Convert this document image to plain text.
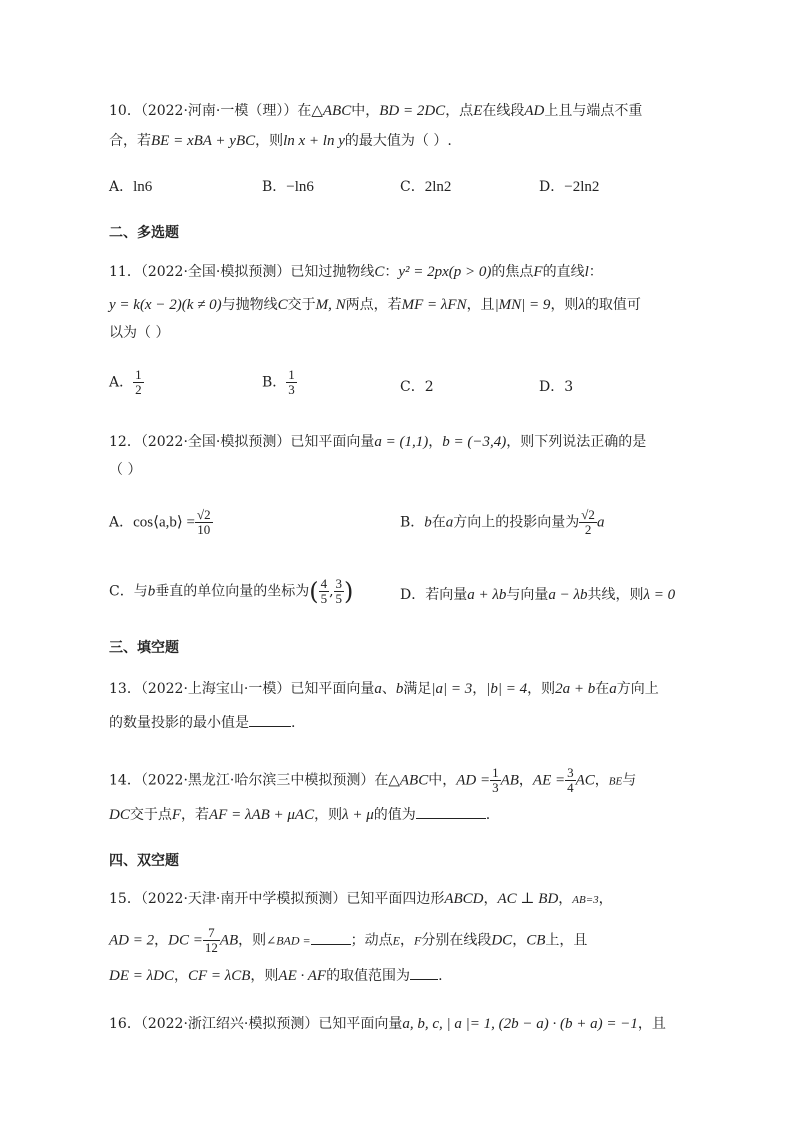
10．（2022·河南·一模（理））在△ABC中，BD = 2DC，点E在线段AD上且与端点不重
合，若BE = xBA + yBC，则ln x + ln y的最大值为（ ）.
A．ln6	B．−ln6	C．2ln2	D．−2ln2
二、多选题
11．（2022·全国·模拟预测）已知过抛物线C：y² = 2px(p > 0)的焦点F的直线l：
y = k(x − 2)(k ≠ 0)与抛物线C交于M, N两点，若MF = λFN，且|MN| = 9，则λ的取值可
以为（ ）
A． $\frac{1}{2}$	B． $\frac{1}{3}$	C．2	D．3
12．（2022·全国·模拟预测）已知平面向量a = (1,1)，b = (−3,4)，则下列说法正确的是
（ ）
A．cos⟨a,b⟩ = $\frac{√2}{10}$	B．b在a方向上的投影向量为 $\frac{√2}{2}$ a
C．与b垂直的单位向量的坐标为( $\frac{4}{5}$ , $\frac{3}{5}$ )	D．若向量a + λb与向量a − λb共线，则λ = 0
三、填空题
13．（2022·上海宝山·一模）已知平面向量a、b满足|a| = 3，|b| = 4，则2a + b在a方向上
的数量投影的最小值是	.
14．（2022·黑龙江·哈尔滨三中模拟预测）在△ABC中，AD = $\frac{1}{3}$ AB，AE = $\frac{3}{4}$ AC，BE与
DC交于点F，若AF = λAB + μAC，则λ + μ的值为	.
四、双空题
15．（2022·天津·南开中学模拟预测）已知平面四边形ABCD，AC ⊥ BD，AB=3，
AD = 2，DC = $\frac{7}{12}$ AB，则∠BAD =	；动点E，F分别在线段DC，CB上，且
DE = λDC，CF = λCB，则AE · AF的取值范围为 .
16．（2022·浙江绍兴·模拟预测）已知平面向量a, b, c, | a |= 1, (2b − a) · (b + a) = −1，且
